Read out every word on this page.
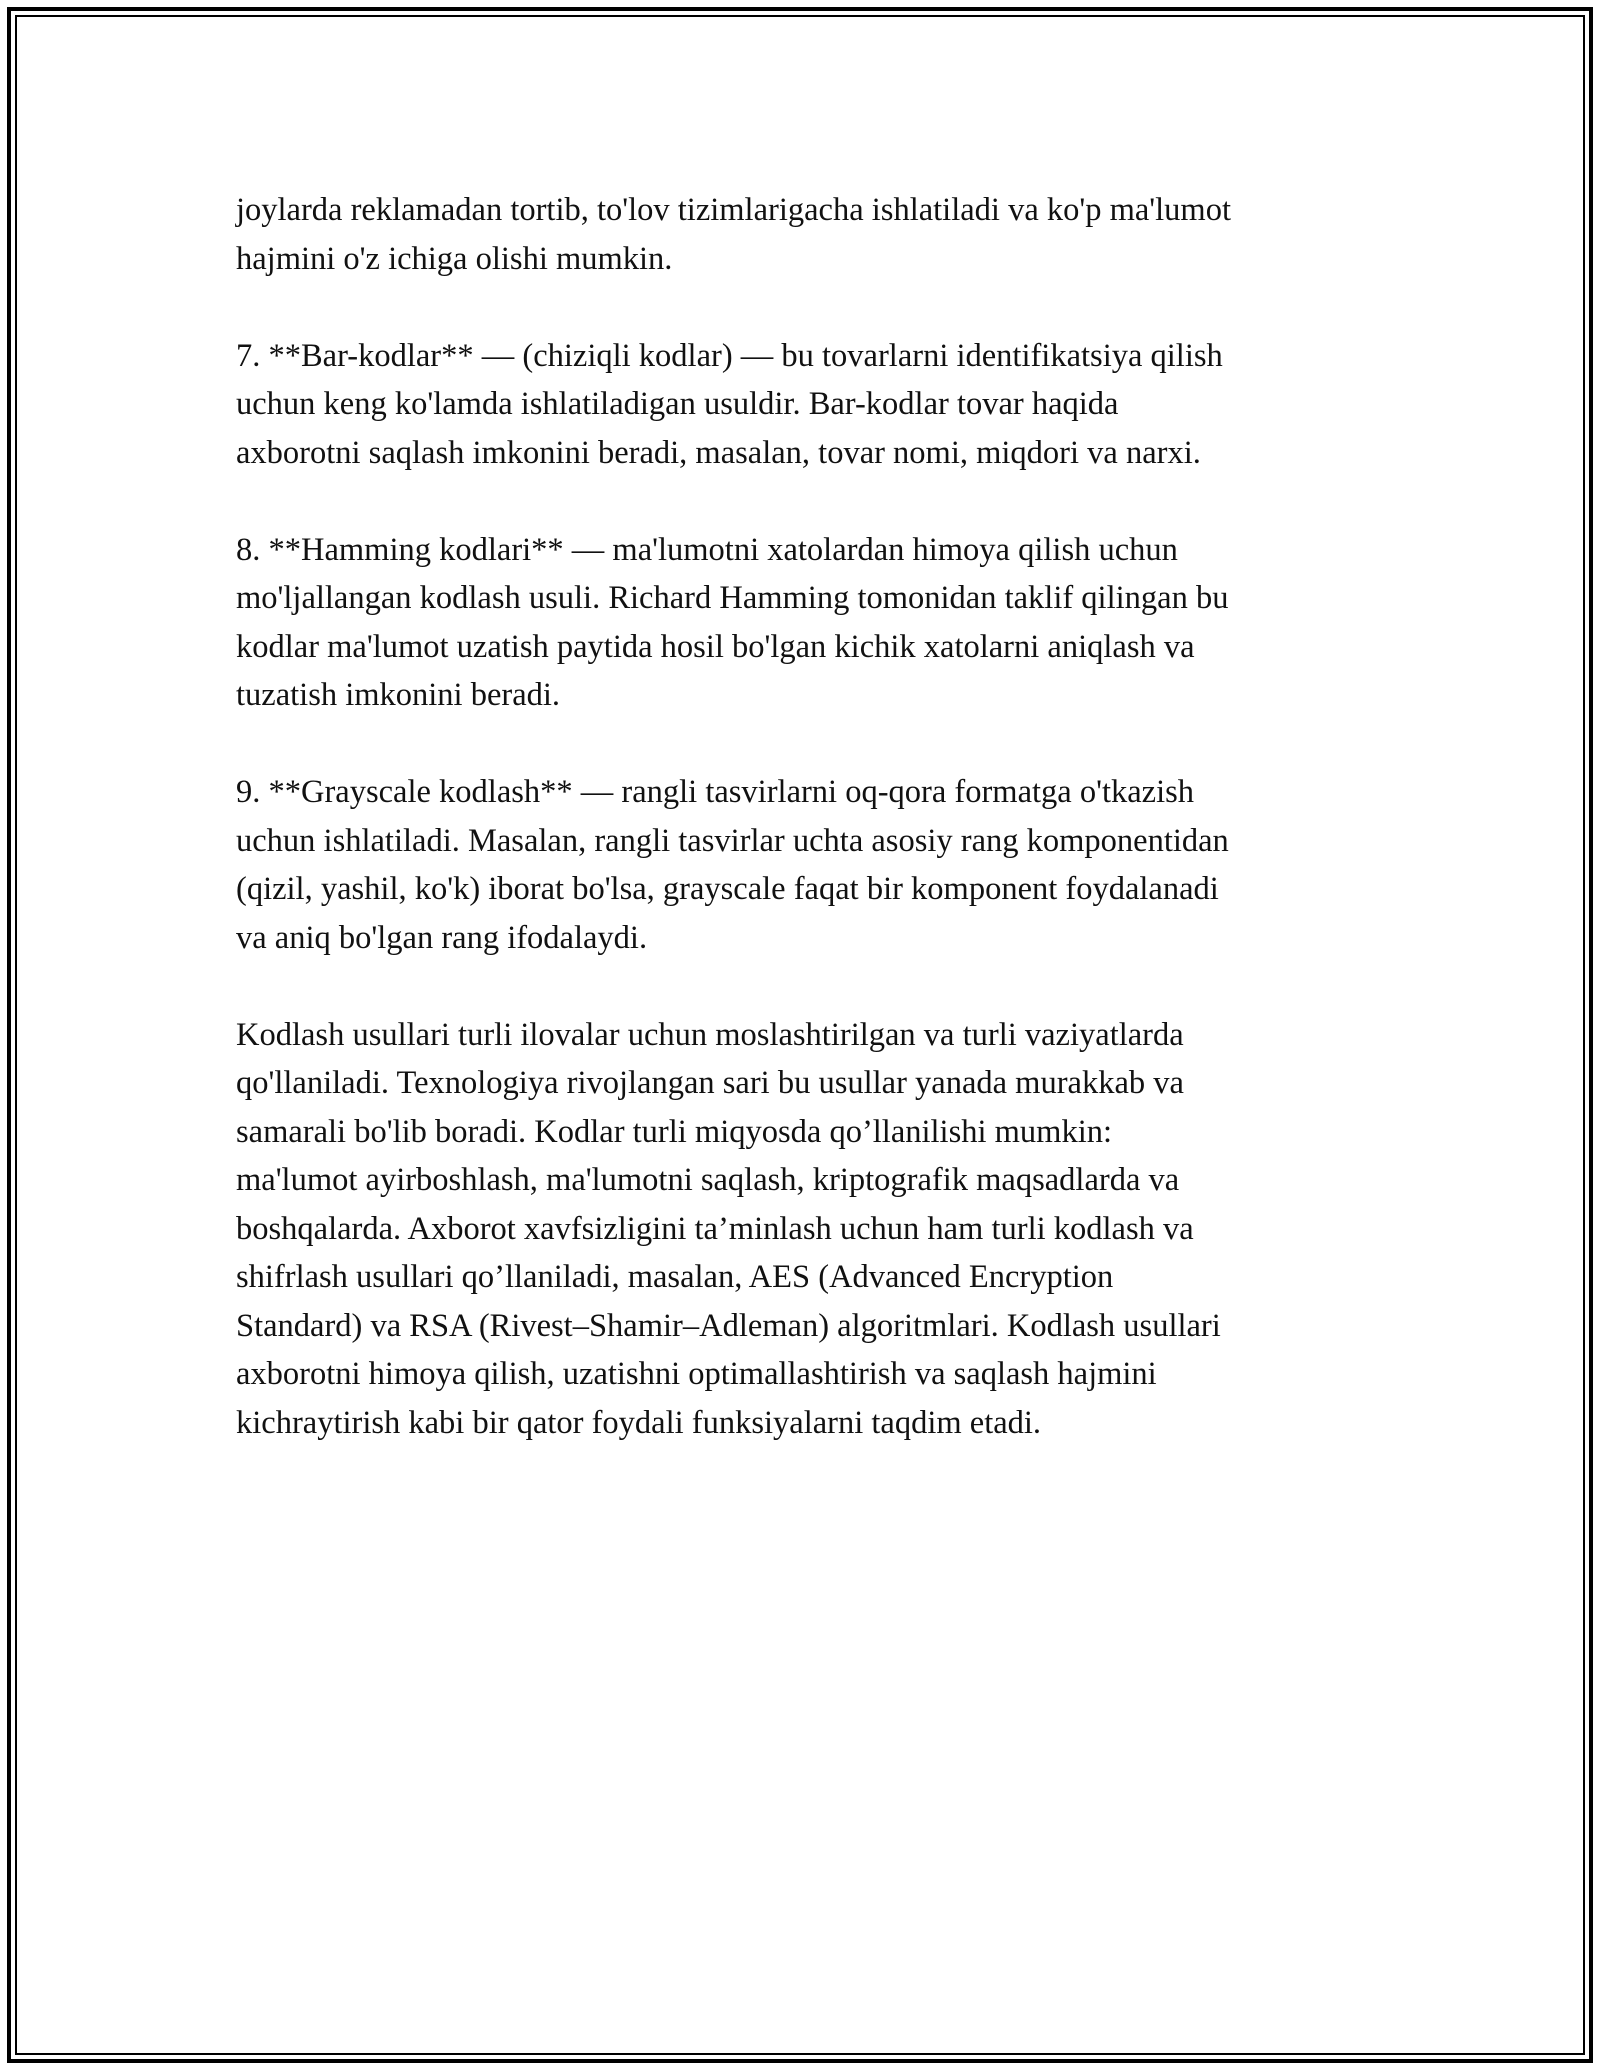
joylarda reklamadan tortib, to'lov tizimlarigacha ishlatiladi va ko'p ma'lumot
hajmini o'z ichiga olishi mumkin.

7. **Bar-kodlar** — (chiziqli kodlar) — bu tovarlarni identifikatsiya qilish
uchun keng ko'lamda ishlatiladigan usuldir. Bar-kodlar tovar haqida
axborotni saqlash imkonini beradi, masalan, tovar nomi, miqdori va narxi.

8. **Hamming kodlari** — ma'lumotni xatolardan himoya qilish uchun
mo'ljallangan kodlash usuli. Richard Hamming tomonidan taklif qilingan bu
kodlar ma'lumot uzatish paytida hosil bo'lgan kichik xatolarni aniqlash va
tuzatish imkonini beradi.

9. **Grayscale kodlash** — rangli tasvirlarni oq-qora formatga o'tkazish
uchun ishlatiladi. Masalan, rangli tasvirlar uchta asosiy rang komponentidan
(qizil, yashil, ko'k) iborat bo'lsa, grayscale faqat bir komponent foydalanadi
va aniq bo'lgan rang ifodalaydi.

Kodlash usullari turli ilovalar uchun moslashtirilgan va turli vaziyatlarda
qo'llaniladi. Texnologiya rivojlangan sari bu usullar yanada murakkab va
samarali bo'lib boradi. Kodlar turli miqyosda qo’llanilishi mumkin:
ma'lumot ayirboshlash, ma'lumotni saqlash, kriptografik maqsadlarda va
boshqalarda. Axborot xavfsizligini ta’minlash uchun ham turli kodlash va
shifrlash usullari qo’llaniladi, masalan, AES (Advanced Encryption
Standard) va RSA (Rivest–Shamir–Adleman) algoritmlari. Kodlash usullari
axborotni himoya qilish, uzatishni optimallashtirish va saqlash hajmini
kichraytirish kabi bir qator foydali funksiyalarni taqdim etadi.
